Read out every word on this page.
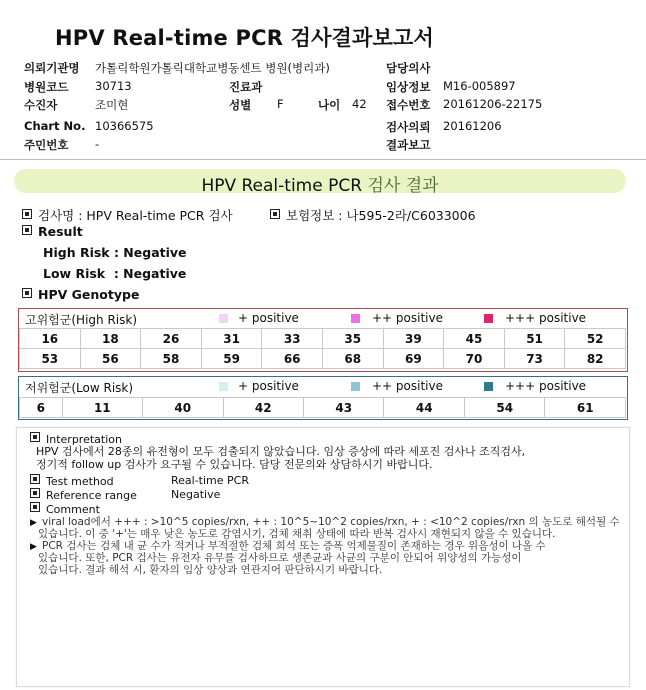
HPV Real-time PCR 검사결과보고서
의뢰기관명 가톨릭학원가톨릭대학교병동센트 병원(병리과)	담당의사
병원코드 30713	진료과	임상정보 M16-005897
수진자	조미현	성별 F	나이 42 접수번호 20161206-22175
Chart No. 10366575	검사의뢰 20161206
주민번호 -	결과보고
HPV Real-time PCR 검사 결과
검사명 : HPV Real-time PCR 검사	보험정보 : 나595-2라/C6033006
Result
High Risk : Negative
Low Risk  : Negative
HPV Genotype
고위험군(High Risk)	+ positive	++ positive	+++ positive
16	18	26	31	33	35	39	45	51	52
53	56	58	59	66	68	69	70	73	82
저위험군(Low Risk)	+ positive	++ positive	+++ positive
6	11	40	42	43	44	54	61
Interpretation
HPV 검사에서 28종의 유전형이 모두 검출되지 않았습니다. 임상 증상에 따라 세포진 검사나 조직검사,
정기적 follow up 검사가 요구될 수 있습니다. 담당 전문의와 상담하시기 바랍니다.
Test method	Real-time PCR
Reference range	Negative
Comment
▶ viral load에서 +++ : >10^5 copies/rxn, ++ : 10^5~10^2 copies/rxn, + : <10^2 copies/rxn 의 농도로 해석될 수
있습니다. 이 중 '+'는 매우 낮은 농도로 감염시기, 검체 채취 상태에 따라 반복 검사시 재현되지 않을 수 있습니다.
▶ PCR 검사는 검체 내 균 수가 적거나 부적절한 검체 희석 또는 증폭 억제물질이 존재하는 경우 위음성이 나올 수
있습니다. 또한, PCR 검사는 유전자 유무를 검사하므로 생존균과 사균의 구분이 안되어 위양성의 가능성이
있습니다. 결과 해석 시, 환자의 임상 양상과 연관지어 판단하시기 바랍니다.
